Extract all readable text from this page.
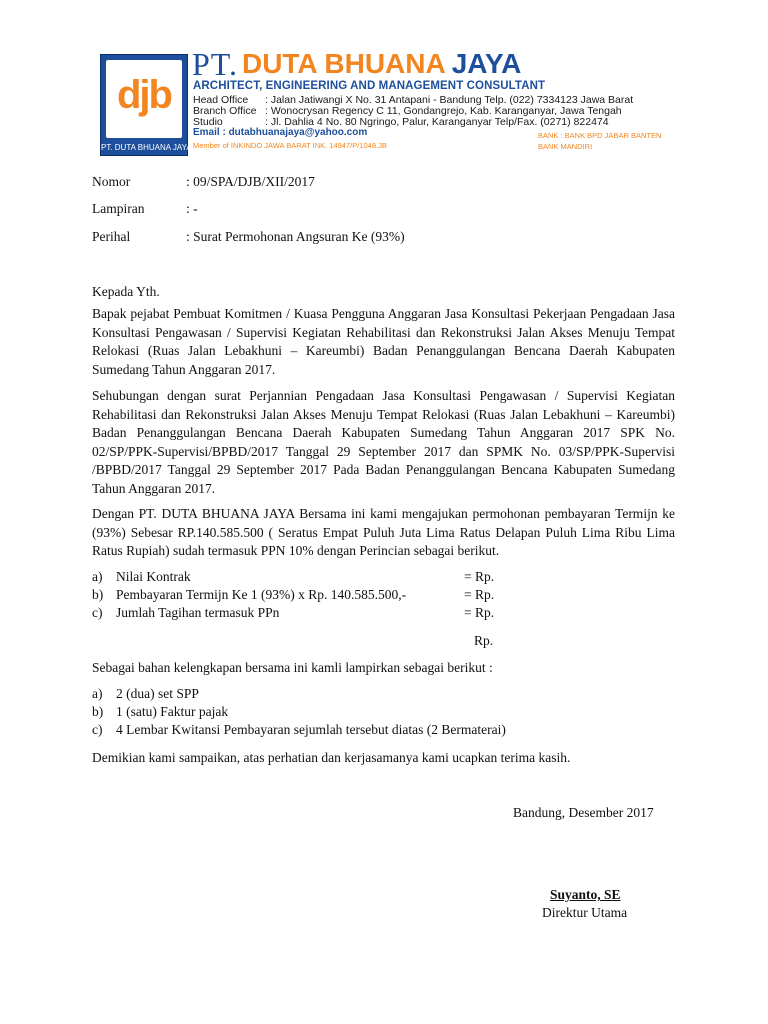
djb
PT. DUTA BHUANA JAYA
PT. DUTA BHUANA JAYA
ARCHITECT, ENGINEERING AND MANAGEMENT CONSULTANT
Head Office : Jalan Jatiwangi X No. 31 Antapani - Bandung Telp. (022) 7334123 Jawa Barat
Branch Office : Wonocrysan Regency C 11, Gondangrejo, Kab. Karanganyar, Jawa Tengah
Studio	: Jl. Dahlia 4 No. 80 Ngringo, Palur, Karanganyar Telp/Fax. (0271) 822474
Email : dutabhuanajaya@yahoo.com
Member of INKINDO JAWA BARAT INK. 14947/P/1048.JB
BANK : BANK BPD JABAR BANTEN
BANK MANDIRI
Nomor	: 09/SPA/DJB/XII/2017
Lampiran	: -
Perihal	: Surat Permohonan Angsuran Ke (93%)
Kepada Yth.
Bapak pejabat Pembuat Komitmen / Kuasa Pengguna Anggaran Jasa Konsultasi Pekerjaan Pengadaan Jasa Konsultasi Pengawasan / Supervisi Kegiatan Rehabilitasi dan Rekonstruksi Jalan Akses Menuju Tempat Relokasi (Ruas Jalan Lebakhuni – Kareumbi) Badan Penanggulangan Bencana Daerah Kabupaten Sumedang Tahun Anggaran 2017.
Sehubungan dengan surat Perjannian Pengadaan Jasa Konsultasi Pengawasan / Supervisi Kegiatan Rehabilitasi dan Rekonstruksi Jalan Akses Menuju Tempat Relokasi (Ruas Jalan Lebakhuni – Kareumbi) Badan Penanggulangan Bencana Daerah Kabupaten Sumedang Tahun Anggaran 2017 SPK No. 02/SP/PPK-Supervisi/BPBD/2017 Tanggal 29 September 2017 dan SPMK No. 03/SP/PPK-Supervisi /BPBD/2017 Tanggal 29 September 2017 Pada Badan Penanggulangan Bencana Kabupaten Sumedang Tahun Anggaran 2017.
Dengan PT. DUTA BHUANA JAYA Bersama ini kami mengajukan permohonan pembayaran Termijn ke (93%) Sebesar RP.140.585.500 ( Seratus Empat Puluh Juta Lima Ratus Delapan Puluh Lima Ribu Lima Ratus Rupiah) sudah termasuk PPN 10% dengan Perincian sebagai berikut.
a) Nilai Kontrak	= Rp.
b) Pembayaran Termijn Ke 1 (93%) x Rp. 140.585.500,-	= Rp.
c) Jumlah Tagihan termasuk PPn	= Rp.
Rp.
Sebagai bahan kelengkapan bersama ini kamli lampirkan sebagai berikut :
a) 2 (dua) set SPP
b) 1 (satu) Faktur pajak
c) 4 Lembar Kwitansi Pembayaran sejumlah tersebut diatas (2 Bermaterai)
Demikian kami sampaikan, atas perhatian dan kerjasamanya kami ucapkan terima kasih.
Bandung, Desember 2017
Suyanto, SE
Direktur Utama
